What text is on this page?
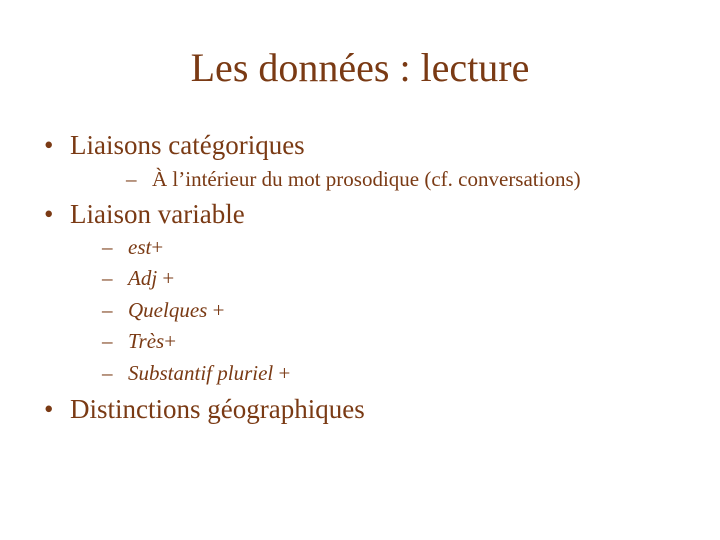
Les données : lecture
• Liaisons catégoriques
– À l’intérieur du mot prosodique (cf. conversations)
• Liaison variable
– est+
– Adj +
– Quelques +
– Très+
– Substantif pluriel +
• Distinctions géographiques
